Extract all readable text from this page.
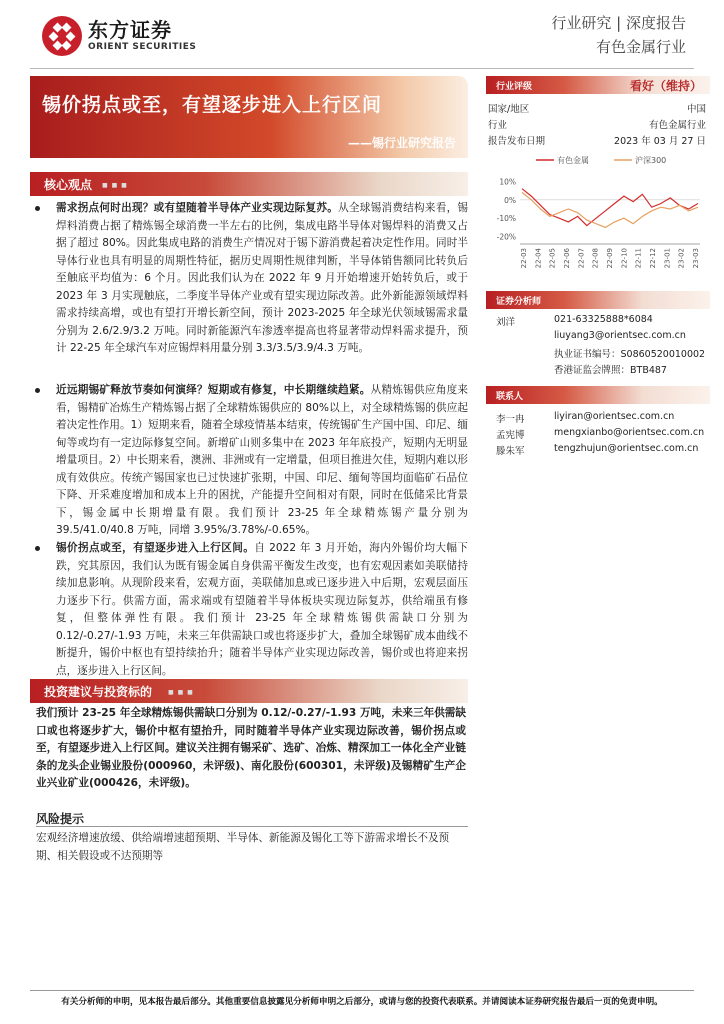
东方证券
ORIENT SECURITIES
行业研究 | 深度报告
有色金属行业
锡价拐点或至，有望逐步进入上行区间
——锡行业研究报告
核心观点 ■ ■ ■
需求拐点何时出现？或有望随着半导体产业实现边际复苏。从全球锡消费结构来看，锡焊料消费占据了精炼锡全球消费一半左右的比例，集成电路半导体对锡焊料的消费又占据了超过 80%。因此集成电路的消费生产情况对于锡下游消费起着决定性作用。同时半导体行业也具有明显的周期性特征，据历史周期性规律判断，半导体销售额同比转负后至触底平均值为：6 个月。因此我们认为在 2022 年 9 月开始增速开始转负后，或于 2023 年 3 月实现触底，二季度半导体产业或有望实现边际改善。此外新能源领域焊料需求持续高增，或也有望打开增长新空间，预计 2023-2025 年全球光伏领域锡需求量分别为 2.6/2.9/3.2 万吨。同时新能源汽车渗透率提高也将显著带动焊料需求提升，预计 22-25 年全球汽车对应锡焊料用量分别 3.3/3.5/3.9/4.3 万吨。
近远期锡矿释放节奏如何演绎？短期或有修复，中长期继续趋紧。从精炼锡供应角度来看，锡精矿冶炼生产精炼锡占据了全球精炼锡供应的 80%以上，对全球精炼锡的供应起着决定性作用。1）短期来看，随着全球疫情基本结束，传统锡矿生产国中国、印尼、缅甸等或均有一定边际修复空间。新增矿山则多集中在 2023 年年底投产，短期内无明显增量项目。2）中长期来看，澳洲、非洲或有一定增量，但项目推进欠佳，短期内难以形成有效供应。传统产锡国家也已过快速扩张期，中国、印尼、缅甸等国均面临矿石品位下降、开采难度增加和成本上升的困扰，产能提升空间相对有限，同时在低储采比背景下，锡金属中长期增量有限。我们预计 23-25 年全球精炼锡产量分别为 39.5/41.0/40.8 万吨，同增 3.95%/3.78%/-0.65%。
锡价拐点或至，有望逐步进入上行区间。自 2022 年 3 月开始，海内外锡价均大幅下跌，究其原因，我们认为既有锡金属自身供需平衡发生改变，也有宏观因素如美联储持续加息影响。从现阶段来看，宏观方面，美联储加息或已逐步进入中后期，宏观层面压力逐步下行。供需方面，需求端或有望随着半导体板块实现边际复苏，供给端虽有修复，但整体弹性有限。我们预计 23-25 年全球精炼锡供需缺口分别为 0.12/-0.27/-1.93 万吨，未来三年供需缺口或也将逐步扩大，叠加全球锡矿成本曲线不断提升，锡价中枢也有望持续抬升；随着半导体产业实现边际改善，锡价或也将迎来拐点，逐步进入上行区间。
投资建议与投资标的	■ ■ ■
我们预计 23-25 年全球精炼锡供需缺口分别为 0.12/-0.27/-1.93 万吨，未来三年供需缺口或也将逐步扩大，锡价中枢有望抬升，同时随着半导体产业实现边际改善，锡价拐点或至，有望逐步进入上行区间。建议关注拥有锡采矿、选矿、冶炼、精深加工一体化全产业链条的龙头企业锡业股份(000960，未评级)、南化股份(600301，未评级)及锡精矿生产企业兴业矿业(000426，未评级)。
风险提示
宏观经济增速放缓、供给端增速超预期、半导体、新能源及锡化工等下游需求增长不及预期、相关假设或不达预期等
行业评级	看好（维持）
国家/地区	中国
行业	有色金属行业
报告发布日期	2023 年 03 月 27 日
有色金属	沪深300
10%
0%
-10%
-20%
22-03 22-04 22-05 22-06 22-07 22-08 22-09 22-10 22-11 22-12 23-01 23-02 23-03
证券分析师
刘洋	021-63325888*6084
liuyang3@orientsec.com.cn
执业证书编号：S0860520010002
香港证监会牌照：BTB487
联系人
李一冉	liyiran@orientsec.com.cn
孟宪博	mengxianbo@orientsec.com.cn
滕朱军	tengzhujun@orientsec.com.cn
有关分析师的申明，见本报告最后部分。其他重要信息披露见分析师申明之后部分，或请与您的投资代表联系。并请阅读本证券研究报告最后一页的免责申明。
